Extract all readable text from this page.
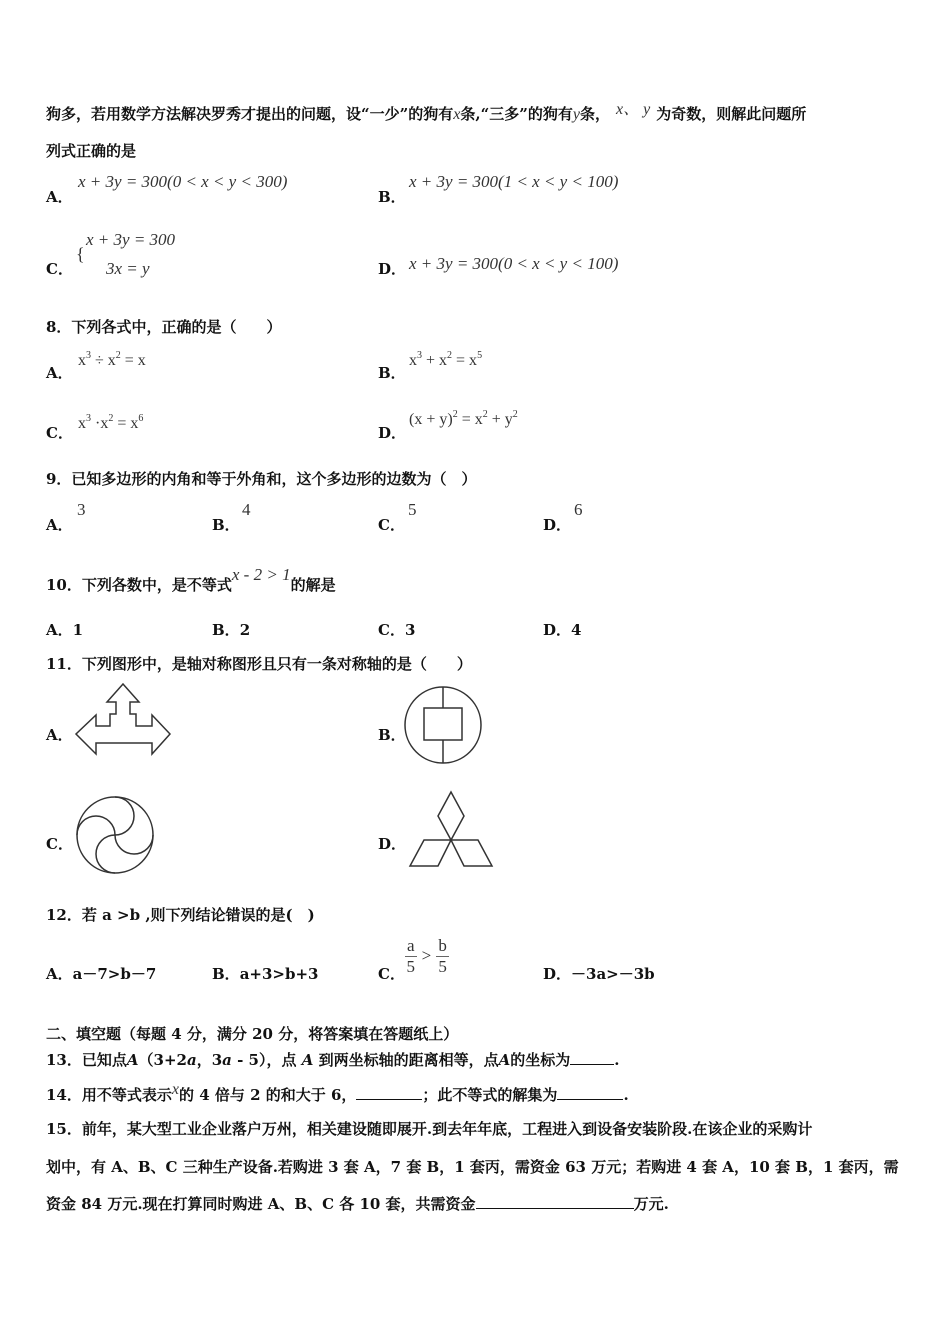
狗多，若用数学方法解决罗秀才提出的问题，设“一少”的狗有x条,“三多”的狗有y条， x、 y 为奇数，则解此问题所
列式正确的是
A．
x + 3y = 300(0 < x < y < 300)
B．
x + 3y = 300(1 < x < y < 100)
C．
{
x + 3y = 300
3x = y	D． x + 3y = 300(0 < x < y < 100)
8．下列各式中，正确的是（　　）
A．
$x^3 \div x^2 = x$
B．
$x^3 + x^2 = x^5$
C．
$x^3 \cdot x^2 = x^6$
D．
$(x + y)^2 = x^2 + y^2$
9．已知多边形的内角和等于外角和，这个多边形的边数为（　）
A．
3
B．
4
C．
5
D．
6
10．下列各数中，是不等式x - 2 > 1的解是
A．1	B．2	C．3	D．4
11．下列图形中，是轴对称图形且只有一条对称轴的是（　　）
A．	B．
C．	D．
12．若 a >b ,则下列结论错误的是(　)
A．a－7>b－7	B．a+3>b+3	C． $\frac{a}{5} > \frac{b}{5}$	D．－3a>－3b
二、填空题（每题 4 分，满分 20 分，将答案填在答题纸上）
13．已知点A（3+2a，3a - 5），点 A 到两坐标轴的距离相等，点A的坐标为	.
14．用不等式表示x的 4 倍与 2 的和大于 6，	；此不等式的解集为	.
15．前年，某大型工业企业落户万州，相关建设随即展开.到去年年底，工程进入到设备安装阶段.在该企业的采购计
划中，有 A、B、C 三种生产设备.若购进 3 套 A，7 套 B，1 套丙，需资金 63 万元；若购进 4 套 A，10 套 B，1 套丙，需
资金 84 万元.现在打算同时购进 A、B、C 各 10 套，共需资金	万元.
